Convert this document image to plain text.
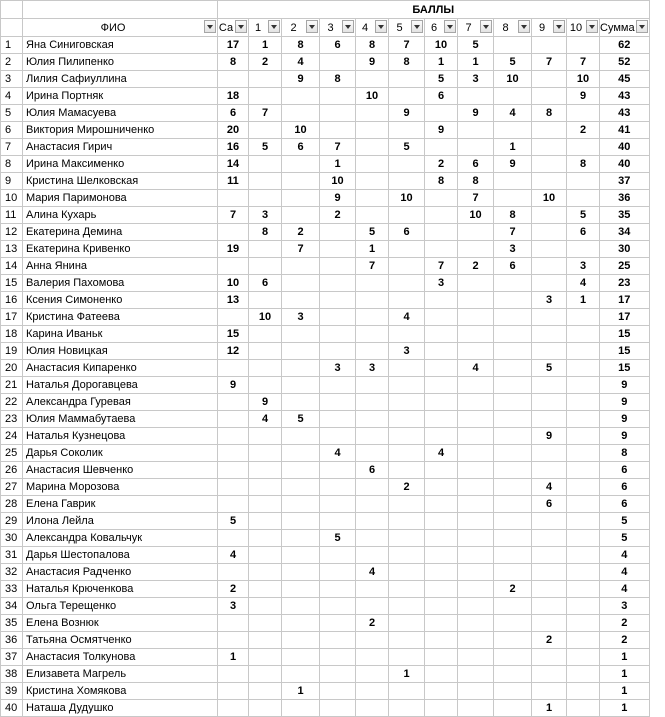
		БАЛЛЫ											
	ФИО	Са	1	2	3	4	5	6	7	8	9	10	Сумма

1	Яна Синиговская	17	1	8	6	8	7	10	5				62
2	Юлия Пилипенко	8	2	4		9	8	1	1	5	7	7	52
3	Лилия Сафиуллина			9	8			5	3	10		10	45
4	Ирина Портняк	18				10		6				9	43
5	Юлия Мамасуева	6	7				9		9	4	8		43
6	Виктория Мирошниченко	20		10				9				2	41
7	Анастасия Гирич	16	5	6	7		5			1			40
8	Ирина Максименко	14			1			2	6	9		8	40
9	Кристина Шелковская	11			10			8	8				37
10	Мария Паримонова				9		10		7		10		36
11	Алина Кухарь	7	3		2				10	8		5	35
12	Екатерина Демина		8	2		5	6			7		6	34
13	Екатерина Кривенко	19		7		1				3			30
14	Анна Янина					7		7	2	6		3	25
15	Валерия Пахомова	10	6					3				4	23
16	Ксения Симоненко	13									3	1	17
17	Кристина Фатеева		10	3			4						17
18	Карина Иваньк	15											15
19	Юлия Новицкая	12					3						15
20	Анастасия Кипаренко				3	3			4		5		15
21	Наталья Дорогавцева	9											9
22	Александра Гуревая		9										9
23	Юлия Маммабутаева		4	5									9
24	Наталья Кузнецова										9		9
25	Дарья Соколик				4			4					8
26	Анастасия Шевченко					6							6
27	Марина Морозова						2				4		6
28	Елена Гаврик										6		6
29	Илона Лейла	5											5
30	Александра Ковальчук				5								5
31	Дарья Шестопалова	4											4
32	Анастасия Радченко					4							4
33	Наталья Крюченкова	2								2			4
34	Ольга Терещенко	3											3
35	Елена Вознюк					2							2
36	Татьяна Осмятченко										2		2
37	Анастасия Толкунова	1											1
38	Елизавета Магрель						1						1
39	Кристина Хомякова			1									1
40	Наташа Дудушко										1		1
